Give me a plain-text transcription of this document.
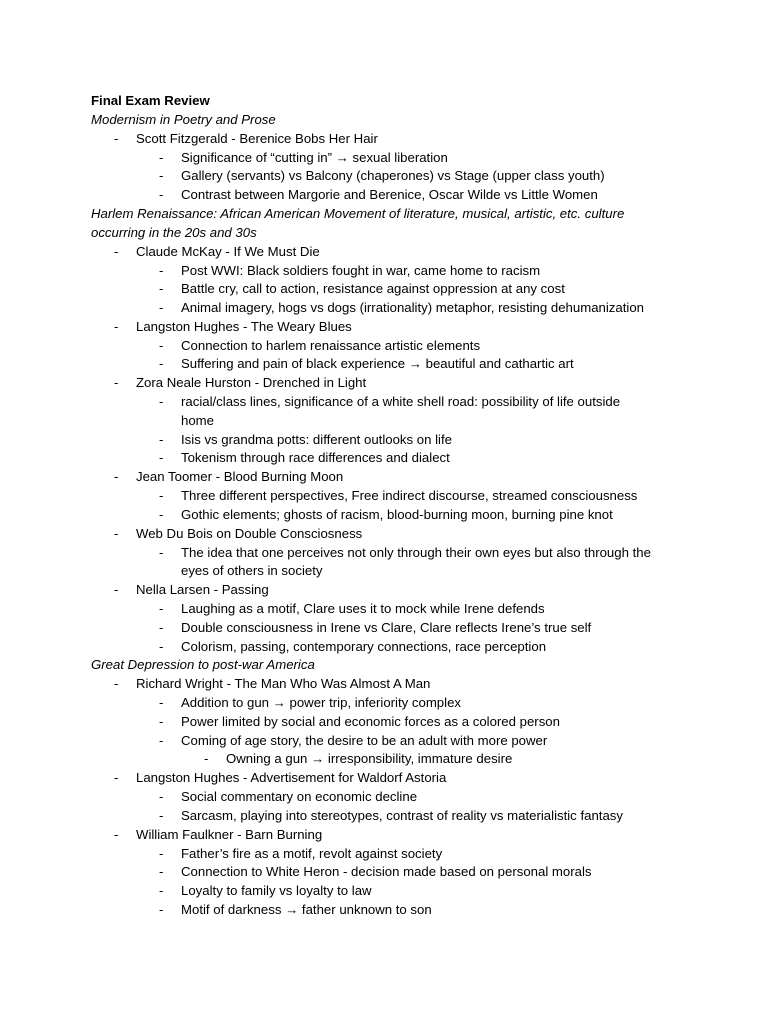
Final Exam Review
Modernism in Poetry and Prose
- Scott Fitzgerald - Berenice Bobs Her Hair
- Significance of “cutting in” → sexual liberation
- Gallery (servants) vs Balcony (chaperones) vs Stage (upper class youth)
- Contrast between Margorie and Berenice, Oscar Wilde vs Little Women
Harlem Renaissance: African American Movement of literature, musical, artistic, etc. culture
occurring in the 20s and 30s
- Claude McKay - If We Must Die
- Post WWI: Black soldiers fought in war, came home to racism
- Battle cry, call to action, resistance against oppression at any cost
- Animal imagery, hogs vs dogs (irrationality) metaphor, resisting dehumanization
- Langston Hughes - The Weary Blues
- Connection to harlem renaissance artistic elements
- Suffering and pain of black experience → beautiful and cathartic art
- Zora Neale Hurston - Drenched in Light
- racial/class lines, significance of a white shell road: possibility of life outside
home
- Isis vs grandma potts: different outlooks on life
- Tokenism through race differences and dialect
- Jean Toomer - Blood Burning Moon
- Three different perspectives, Free indirect discourse, streamed consciousness
- Gothic elements; ghosts of racism, blood-burning moon, burning pine knot
- Web Du Bois on Double Consciosness
- The idea that one perceives not only through their own eyes but also through the
eyes of others in society
- Nella Larsen - Passing
- Laughing as a motif, Clare uses it to mock while Irene defends
- Double consciousness in Irene vs Clare, Clare reflects Irene’s true self
- Colorism, passing, contemporary connections, race perception
Great Depression to post-war America
- Richard Wright - The Man Who Was Almost A Man
- Addition to gun → power trip, inferiority complex
- Power limited by social and economic forces as a colored person
- Coming of age story, the desire to be an adult with more power
- Owning a gun → irresponsibility, immature desire
- Langston Hughes - Advertisement for Waldorf Astoria
- Social commentary on economic decline
- Sarcasm, playing into stereotypes, contrast of reality vs materialistic fantasy
- William Faulkner - Barn Burning
- Father’s fire as a motif, revolt against society
- Connection to White Heron - decision made based on personal morals
- Loyalty to family vs loyalty to law
- Motif of darkness → father unknown to son
